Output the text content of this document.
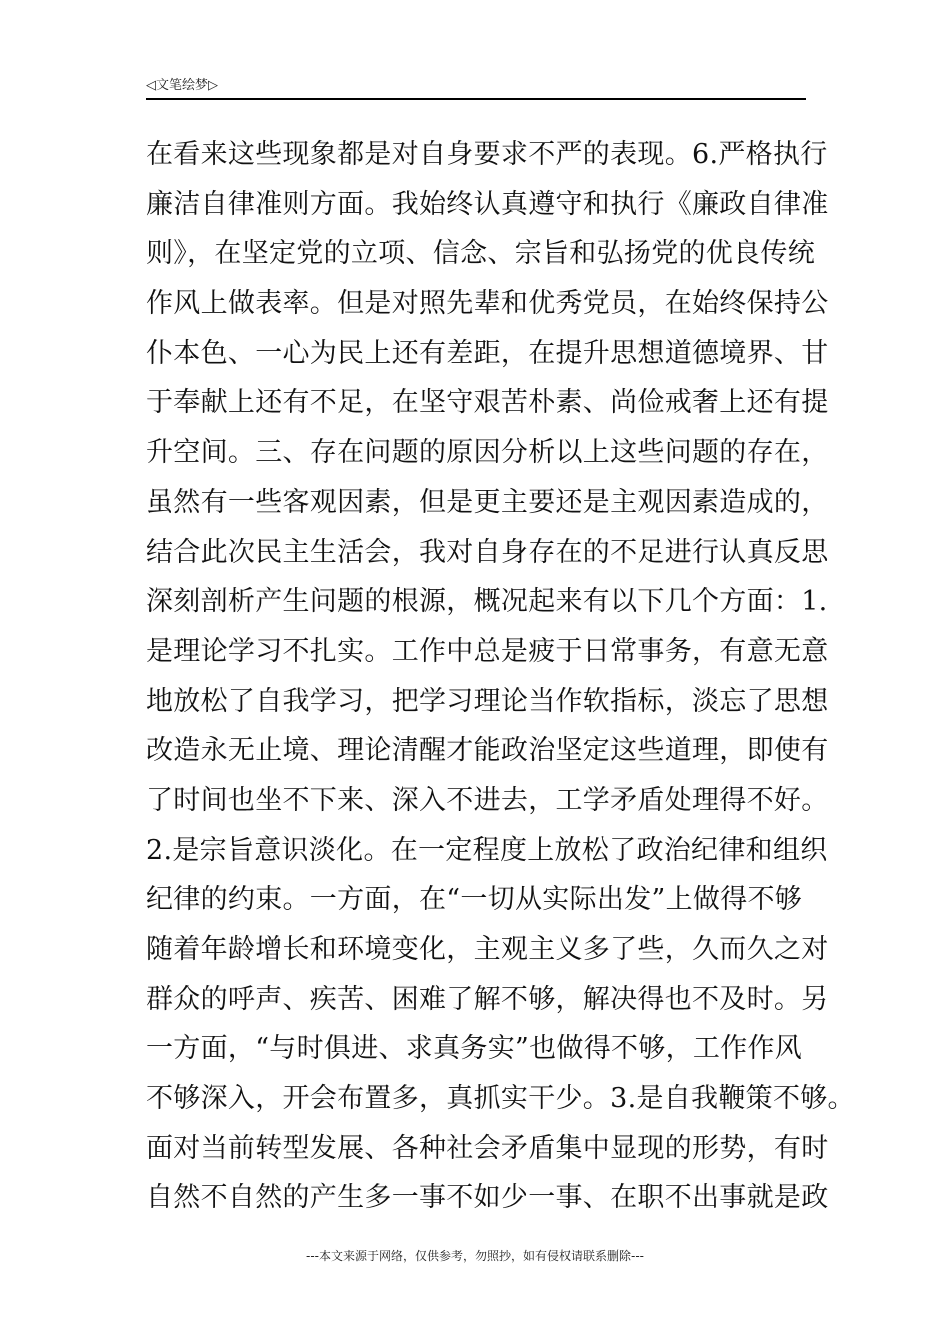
◁文笔绘梦▷
在看来这些现象都是对自身要求不严的表现。6.严格执行
廉洁自律准则方面。我始终认真遵守和执行《廉政自律准
则》，在坚定党的立项、信念、宗旨和弘扬党的优良传统
作风上做表率。但是对照先辈和优秀党员，在始终保持公
仆本色、一心为民上还有差距，在提升思想道德境界、甘
于奉献上还有不足，在坚守艰苦朴素、尚俭戒奢上还有提
升空间。三、存在问题的原因分析以上这些问题的存在，
虽然有一些客观因素，但是更主要还是主观因素造成的，
结合此次民主生活会，我对自身存在的不足进行认真反思
深刻剖析产生问题的根源，概况起来有以下几个方面：1.
是理论学习不扎实。工作中总是疲于日常事务，有意无意
地放松了自我学习，把学习理论当作软指标，淡忘了思想
改造永无止境、理论清醒才能政治坚定这些道理，即使有
了时间也坐不下来、深入不进去，工学矛盾处理得不好。
2.是宗旨意识淡化。在一定程度上放松了政治纪律和组织
纪律的约束。一方面，在“一切从实际出发”上做得不够
随着年龄增长和环境变化，主观主义多了些，久而久之对
群众的呼声、疾苦、困难了解不够，解决得也不及时。另
一方面，“与时俱进、求真务实”也做得不够，工作作风
不够深入，开会布置多，真抓实干少。3.是自我鞭策不够。
面对当前转型发展、各种社会矛盾集中显现的形势，有时
自然不自然的产生多一事不如少一事、在职不出事就是政
---本文来源于网络，仅供参考，勿照抄，如有侵权请联系删除---
